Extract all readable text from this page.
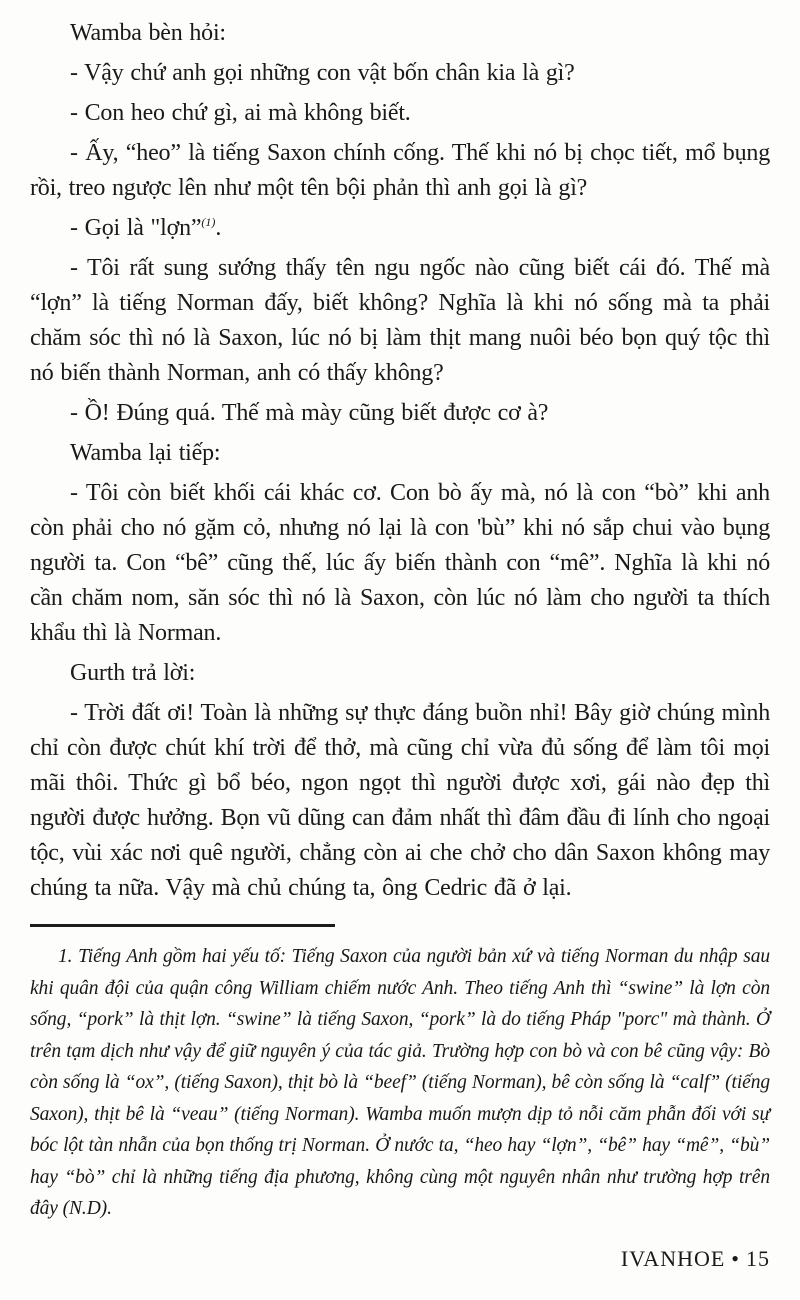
Wamba bèn hỏi:

- Vậy chứ anh gọi những con vật bốn chân kia là gì?

- Con heo chứ gì, ai mà không biết.

- Ấy, “heo” là tiếng Saxon chính cống. Thế khi nó bị chọc tiết, mổ bụng rồi, treo ngược lên như một tên bội phản thì anh gọi là gì?

- Gọi là "lợn”$^{(1)}$.

- Tôi rất sung sướng thấy tên ngu ngốc nào cũng biết cái đó. Thế mà “lợn” là tiếng Norman đấy, biết không? Nghĩa là khi nó sống mà ta phải chăm sóc thì nó là Saxon, lúc nó bị làm thịt mang nuôi béo bọn quý tộc thì nó biến thành Norman, anh có thấy không?

- Ồ! Đúng quá. Thế mà mày cũng biết được cơ à?

Wamba lại tiếp:

- Tôi còn biết khối cái khác cơ. Con bò ấy mà, nó là con “bò” khi anh còn phải cho nó gặm cỏ, nhưng nó lại là con 'bù” khi nó sắp chui vào bụng người ta. Con “bê” cũng thế, lúc ấy biến thành con “mê”. Nghĩa là khi nó cần chăm nom, săn sóc thì nó là Saxon, còn lúc nó làm cho người ta thích khẩu thì là Norman.

Gurth trả lời:

- Trời đất ơi! Toàn là những sự thực đáng buồn nhỉ! Bây giờ chúng mình chỉ còn được chút khí trời để thở, mà cũng chỉ vừa đủ sống để làm tôi mọi mãi thôi. Thức gì bổ béo, ngon ngọt thì người được xơi, gái nào đẹp thì người được hưởng. Bọn vũ dũng can đảm nhất thì đâm đầu đi lính cho ngoại tộc, vùi xác nơi quê người, chẳng còn ai che chở cho dân Saxon không may chúng ta nữa. Vậy mà chủ chúng ta, ông Cedric đã ở lại.

1. Tiếng Anh gồm hai yếu tố: Tiếng Saxon của người bản xứ và tiếng Norman du nhập sau khi quân đội của quận công William chiếm nước Anh. Theo tiếng Anh thì “swine” là lợn còn sống, “pork” là thịt lợn. “swine” là tiếng Saxon, “pork” là do tiếng Pháp "porc" mà thành. Ở trên tạm dịch như vậy để giữ nguyên ý của tác giả. Trường hợp con bò và con bê cũng vậy: Bò còn sống là “ox”, (tiếng Saxon), thịt bò là “beef” (tiếng Norman), bê còn sống là “calf” (tiếng Saxon), thịt bê là “veau” (tiếng Norman). Wamba muốn mượn dịp tỏ nỗi căm phẫn đối với sự bóc lột tàn nhẫn của bọn thống trị Norman. Ở nước ta, “heo hay “lợn”, “bê” hay “mê”, “bù” hay “bò” chỉ là những tiếng địa phương, không cùng một nguyên nhân như trường hợp trên đây (N.D).

IVANHOE • 15
